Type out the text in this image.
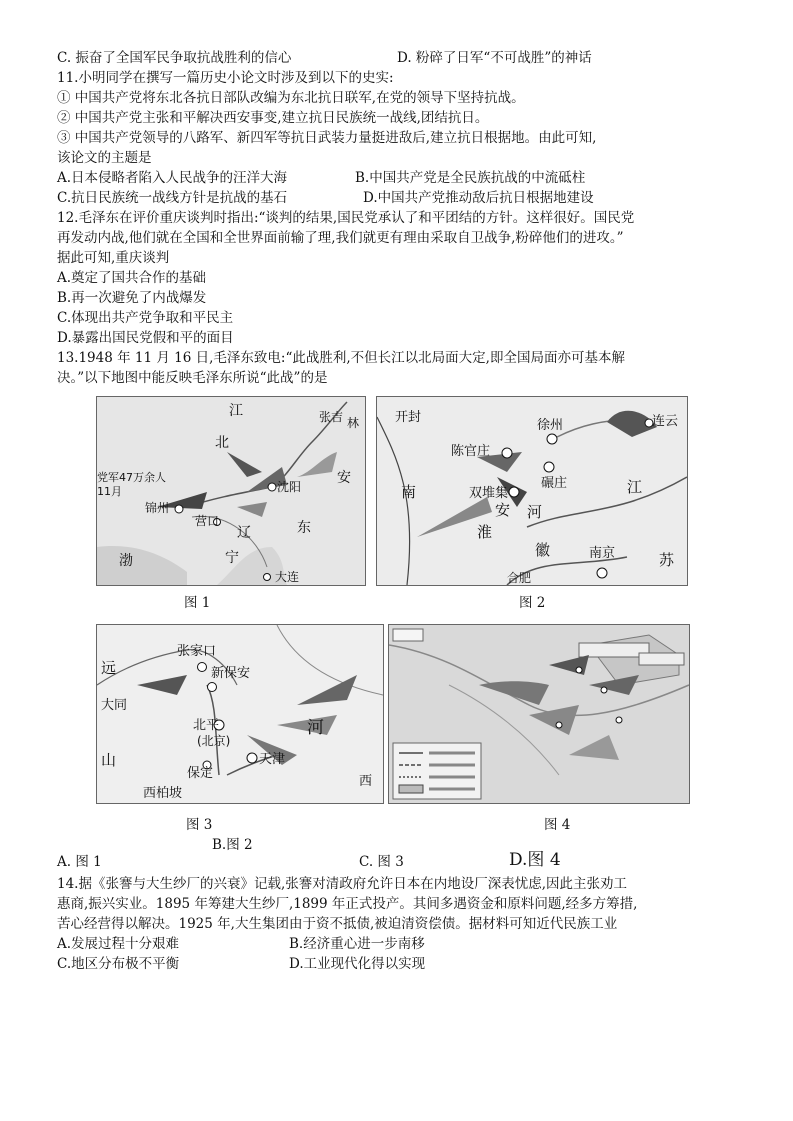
C. 振奋了全国军民争取抗战胜利的信心	D. 粉碎了日军“不可战胜”的神话
11.小明同学在撰写一篇历史小论文时涉及到以下的史实:
① 中国共产党将东北各抗日部队改编为东北抗日联军,在党的领导下坚持抗战。
② 中国共产党主张和平解决西安事变,建立抗日民族统一战线,团结抗日。
③ 中国共产党领导的八路军、新四军等抗日武装力量挺进敌后,建立抗日根据地。由此可知,
该论文的主题是
A.日本侵略者陷入人民战争的汪洋大海	B.中国共产党是全民族抗战的中流砥柱
C.抗日民族统一战线方针是抗战的基石	D.中国共产党推动敌后抗日根据地建设
12.毛泽东在评价重庆谈判时指出:“谈判的结果,国民党承认了和平团结的方针。这样很好。国民党
再发动内战,他们就在全国和全世界面前输了理,我们就更有理由采取自卫战争,粉碎他们的进攻。”
据此可知,重庆谈判
A.奠定了国共合作的基础
B.再一次避免了内战爆发
C.体现出共产党争取和平民主
D.暴露出国民党假和平的面目
13.1948 年 11 月 16 日,毛泽东致电:“此战胜利,不但长江以北局面大定,即全国局面亦可基本解
决。”以下地图中能反映毛泽东所说“此战”的是
江
北
张吉 林
安
锦州
沈阳
营口
辽	东
宁
渤
大连
党军47万余人
11月
图 1
开封
徐州	连云
陈官庄
碾庄
双堆集
南
河
安
淮
徽
江
南京	苏
合肥
图 2
张家口
新保安
远
大同
北平
(北京)
河
山
保定
天津
西柏坡
西
图 3	图 4
B.图 2
A. 图 1	C. 图 3	D.图 4
14.据《张謇与大生纱厂的兴衰》记载,张謇对清政府允许日本在内地设厂深表忧虑,因此主张劝工
惠商,振兴实业。1895 年筹建大生纱厂,1899 年正式投产。其间多遇资金和原料问题,经多方筹措,
苦心经营得以解决。1925 年,大生集团由于资不抵债,被迫清资偿债。据材料可知近代民族工业
A.发展过程十分艰难	B.经济重心进一步南移
C.地区分布极不平衡	D.工业现代化得以实现
